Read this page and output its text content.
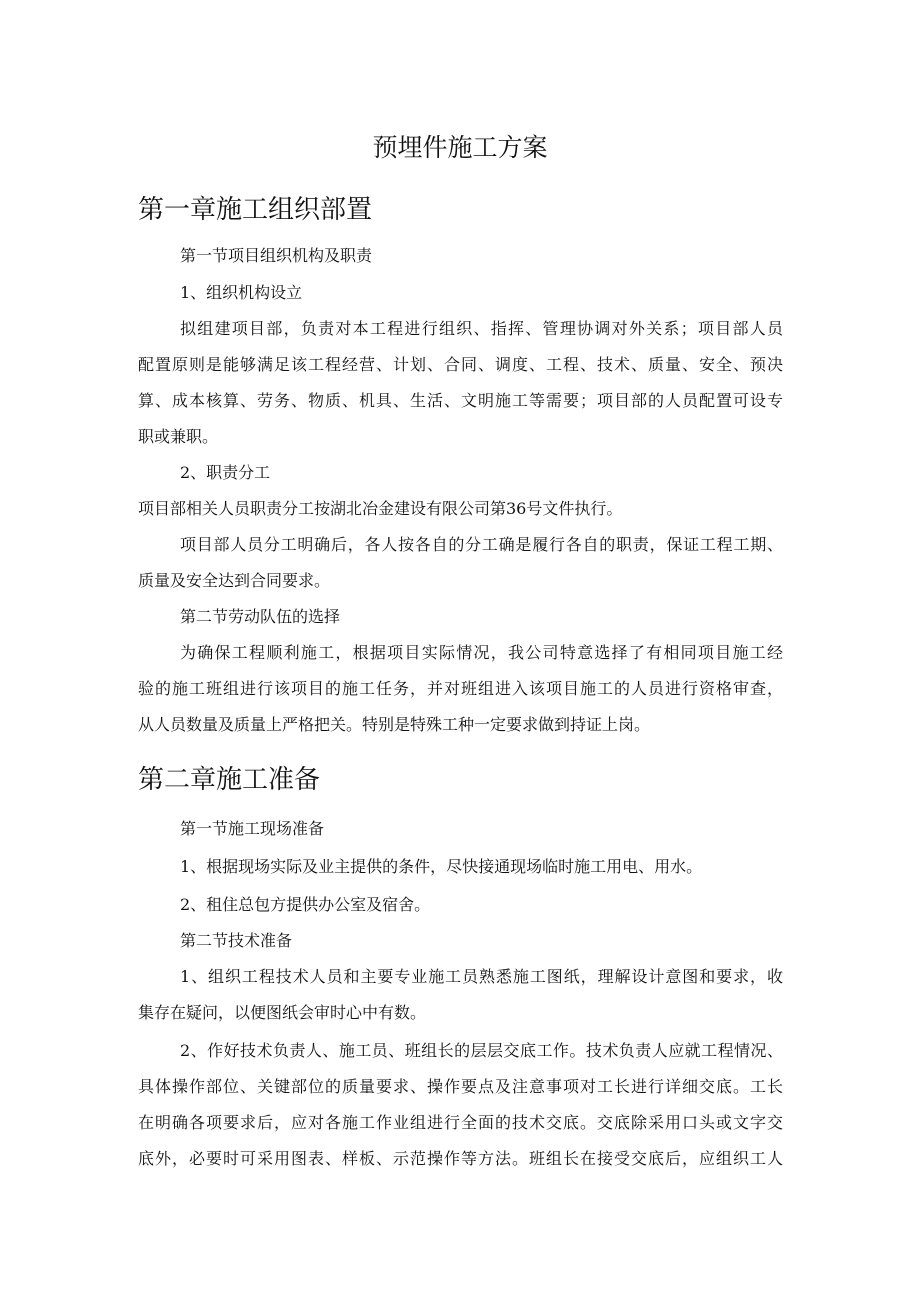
预埋件施工方案
第一章施工组织部置

第一节项目组织机构及职责

1、组织机构设立

拟组建项目部，负责对本工程进行组织、指挥、管理协调对外关系；项目部人员

配置原则是能够满足该工程经营、计划、合同、调度、工程、技术、质量、安全、预决

算、成本核算、劳务、物质、机具、生活、文明施工等需要；项目部的人员配置可设专

职或兼职。

2、职责分工

项目部相关人员职责分工按湖北冶金建设有限公司第36号文件执行。

项目部人员分工明确后，各人按各自的分工确是履行各自的职责，保证工程工期、

质量及安全达到合同要求。

第二节劳动队伍的选择

为确保工程顺利施工，根据项目实际情况，我公司特意选择了有相同项目施工经

验的施工班组进行该项目的施工任务，并对班组进入该项目施工的人员进行资格审查，

从人员数量及质量上严格把关。特别是特殊工种一定要求做到持证上岗。

第二章施工准备

第一节施工现场准备

1、根据现场实际及业主提供的条件，尽快接通现场临时施工用电、用水。

2、租住总包方提供办公室及宿舍。

第二节技术准备

1、组织工程技术人员和主要专业施工员熟悉施工图纸，理解设计意图和要求，收

集存在疑问，以便图纸会审时心中有数。

2、作好技术负责人、施工员、班组长的层层交底工作。技术负责人应就工程情况、

具体操作部位、关键部位的质量要求、操作要点及注意事项对工长进行详细交底。工长

在明确各项要求后，应对各施工作业组进行全面的技术交底。交底除采用口头或文字交

底外，必要时可采用图表、样板、示范操作等方法。班组长在接受交底后，应组织工人
